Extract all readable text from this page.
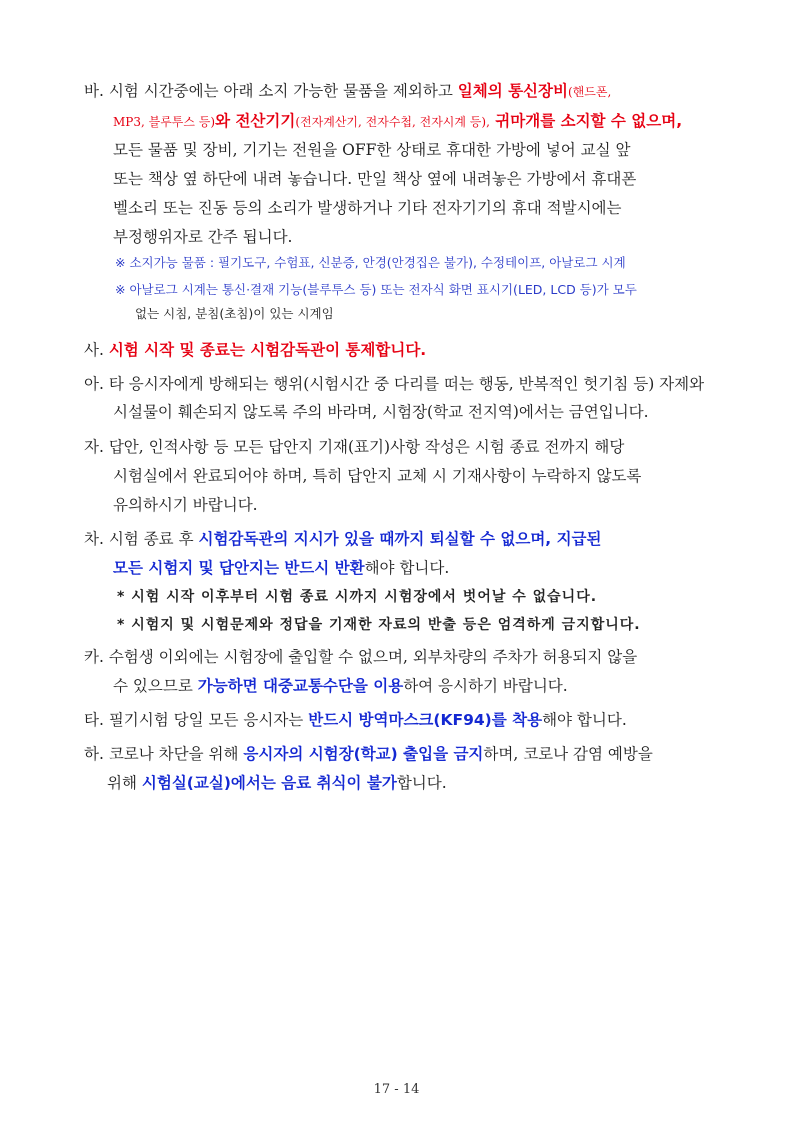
바. 시험 시간중에는 아래 소지 가능한 물품을 제외하고 일체의 통신장비(핸드폰,
MP3, 블루투스 등)와 전산기기(전자계산기, 전자수첩, 전자시계 등), 귀마개를 소지할 수 없으며,
모든 물품 및 장비, 기기는 전원을 OFF한 상태로 휴대한 가방에 넣어 교실 앞
또는 책상 옆 하단에 내려 놓습니다. 만일 책상 옆에 내려놓은 가방에서 휴대폰
벨소리 또는 진동 등의 소리가 발생하거나 기타 전자기기의 휴대 적발시에는
부정행위자로 간주 됩니다.
※ 소지가능 물품 : 필기도구, 수험표, 신분증, 안경(안경집은 불가), 수정테이프, 아날로그 시계
※ 아날로그 시계는 통신·결재 기능(블루투스 등) 또는 전자식 화면 표시기(LED, LCD 등)가 모두
없는 시침, 분침(초침)이 있는 시계임
사. 시험 시작 및 종료는 시험감독관이 통제합니다.
아. 타 응시자에게 방해되는 행위(시험시간 중 다리를 떠는 행동, 반복적인 헛기침 등) 자제와
시설물이 훼손되지 않도록 주의 바라며, 시험장(학교 전지역)에서는 금연입니다.
자. 답안, 인적사항 등 모든 답안지 기재(표기)사항 작성은 시험 종료 전까지 해당
시험실에서 완료되어야 하며, 특히 답안지 교체 시 기재사항이 누락하지 않도록
유의하시기 바랍니다.
차. 시험 종료 후 시험감독관의 지시가 있을 때까지 퇴실할 수 없으며, 지급된
모든 시험지 및 답안지는 반드시 반환해야 합니다.
* 시험 시작 이후부터 시험 종료 시까지 시험장에서 벗어날 수 없습니다.
* 시험지 및 시험문제와 정답을 기재한 자료의 반출 등은 엄격하게 금지합니다.
카. 수험생 이외에는 시험장에 출입할 수 없으며, 외부차량의 주차가 허용되지 않을
수 있으므로 가능하면 대중교통수단을 이용하여 응시하기 바랍니다.
타. 필기시험 당일 모든 응시자는 반드시 방역마스크(KF94)를 착용해야 합니다.
하. 코로나 차단을 위해 응시자의 시험장(학교) 출입을 금지하며, 코로나 감염 예방을
위해 시험실(교실)에서는 음료 취식이 불가합니다.
17 - 14
